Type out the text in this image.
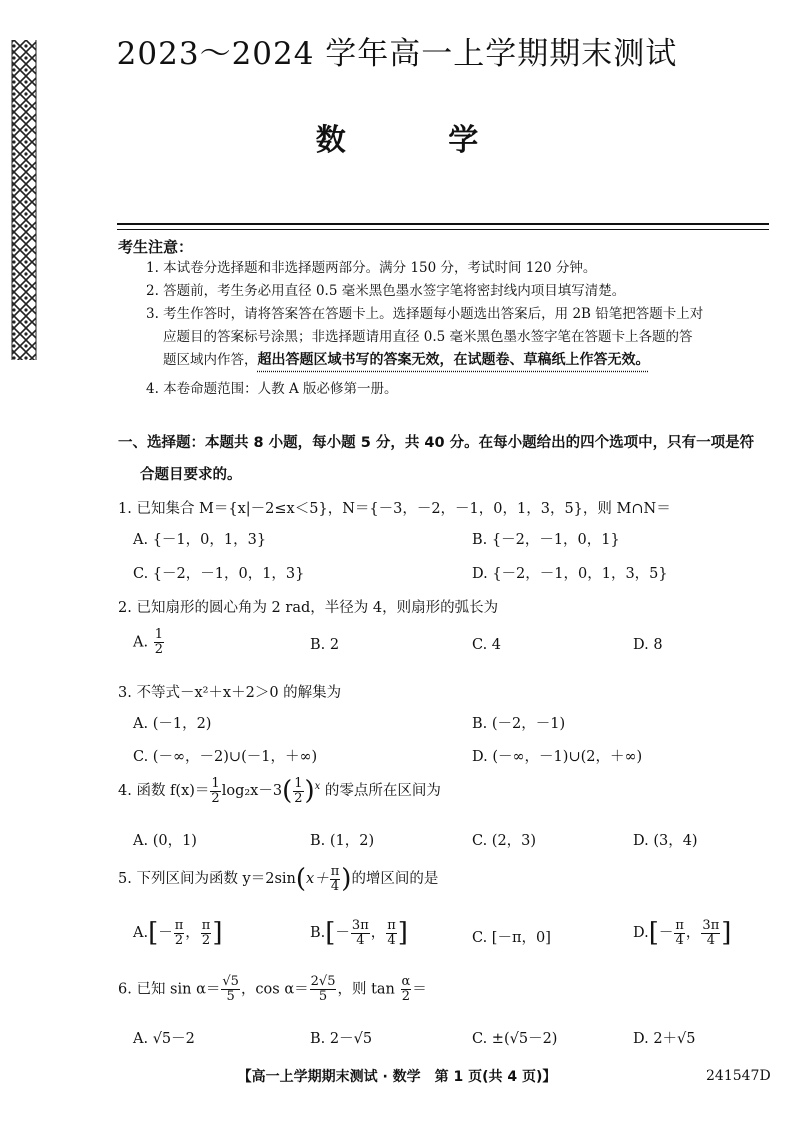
2023～2024 学年高一上学期期末测试
数 学
考生注意：
1. 本试卷分选择题和非选择题两部分。满分 150 分，考试时间 120 分钟。
2. 答题前，考生务必用直径 0.5 毫米黑色墨水签字笔将密封线内项目填写清楚。
3. 考生作答时，请将答案答在答题卡上。选择题每小题选出答案后，用 2B 铅笔把答题卡上对
应题目的答案标号涂黑；非选择题请用直径 0.5 毫米黑色墨水签字笔在答题卡上各题的答
题区域内作答，超出答题区域书写的答案无效，在试题卷、草稿纸上作答无效。
4. 本卷命题范围：人教 A 版必修第一册。
一、选择题：本题共 8 小题，每小题 5 分，共 40 分。在每小题给出的四个选项中，只有一项是符
合题目要求的。
1. 已知集合 M＝{x|－2≤x＜5}，N＝{－3，－2，－1，0，1，3，5}，则 M∩N＝
A. {－1，0，1，3}	B. {－2，－1，0，1}
C. {－2，－1，0，1，3}	D. {－2，－1，0，1，3，5}
2. 已知扇形的圆心角为 2 rad，半径为 4，则扇形的弧长为
A. $\frac{1}{2}$	B. 2	C. 4	D. 8
3. 不等式－x²＋x＋2＞0 的解集为
A. (－1，2)	B. (－2，－1)
C. (－∞，－2)∪(－1，＋∞)	D. (－∞，－1)∪(2，＋∞)
4. 函数 $f(x)= \frac{1}{2} \log_2x-3( \frac{1}{2} )^x$ 的零点所在区间为
A. (0，1)	B. (1，2)	C. (2，3)	D. (3，4)
5. 下列区间为函数 $y=2\sin(x+ \frac{\pi}{4}$ )的增区间的是
$A.[- \frac{\pi}{2}$ ， $\frac{\pi}{2}$ ]	$B.[- \frac{3\pi}{4}$ ， $\frac{\pi}{4}$ ]	C. [－π，0]	$D.[- \frac{\pi}{4}$ ， $\frac{3\pi}{4}$ ]
6. 已知 $\sin \alpha= \frac{√5}{5}$ ，$\cos \alpha= \frac{2√5}{5}$ ，则 $\tan \frac{\alpha}{2}$ ＝
A. √5－2	B. 2－√5	C. ±(√5－2)	D. 2＋√5
【高一上学期期末测试 · 数学　第 1 页(共 4 页)】	241547D
